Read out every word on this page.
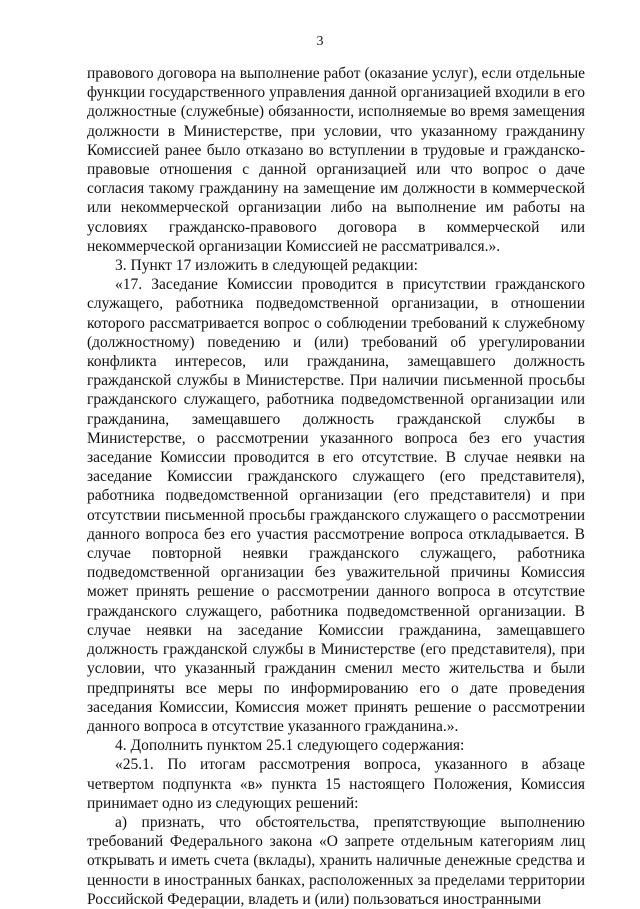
3

правового договора на выполнение работ (оказание услуг), если отдельные функции государственного управления данной организацией входили в его должностные (служебные) обязанности, исполняемые во время замещения должности в Министерстве, при условии, что указанному гражданину Комиссией ранее было отказано во вступлении в трудовые и гражданско-правовые отношения с данной организацией или что вопрос о даче согласия такому гражданину на замещение им должности в коммерческой или некоммерческой организации либо на выполнение им работы на условиях гражданско-правового договора в коммерческой или некоммерческой организации Комиссией не рассматривался.».

3. Пункт 17 изложить в следующей редакции:

«17. Заседание Комиссии проводится в присутствии гражданского служащего, работника подведомственной организации, в отношении которого рассматривается вопрос о соблюдении требований к служебному (должностному) поведению и (или) требований об урегулировании конфликта интересов, или гражданина, замещавшего должность гражданской службы в Министерстве. При наличии письменной просьбы гражданского служащего, работника подведомственной организации или гражданина, замещавшего должность гражданской службы в Министерстве, о рассмотрении указанного вопроса без его участия заседание Комиссии проводится в его отсутствие. В случае неявки на заседание Комиссии гражданского служащего (его представителя), работника подведомственной организации (его представителя) и при отсутствии письменной просьбы гражданского служащего о рассмотрении данного вопроса без его участия рассмотрение вопроса откладывается. В случае повторной неявки гражданского служащего, работника подведомственной организации без уважительной причины Комиссия может принять решение о рассмотрении данного вопроса в отсутствие гражданского служащего, работника подведомственной организации. В случае неявки на заседание Комиссии гражданина, замещавшего должность гражданской службы в Министерстве (его представителя), при условии, что указанный гражданин сменил место жительства и были предприняты все меры по информированию его о дате проведения заседания Комиссии, Комиссия может принять решение о рассмотрении данного вопроса в отсутствие указанного гражданина.».

4. Дополнить пунктом 25.1 следующего содержания:

«25.1. По итогам рассмотрения вопроса, указанного в абзаце четвертом подпункта «в» пункта 15 настоящего Положения, Комиссия принимает одно из следующих решений:

а) признать, что обстоятельства, препятствующие выполнению требований Федерального закона «О запрете отдельным категориям лиц открывать и иметь счета (вклады), хранить наличные денежные средства и ценности в иностранных банках, расположенных за пределами территории Российской Федерации, владеть и (или) пользоваться иностранными
